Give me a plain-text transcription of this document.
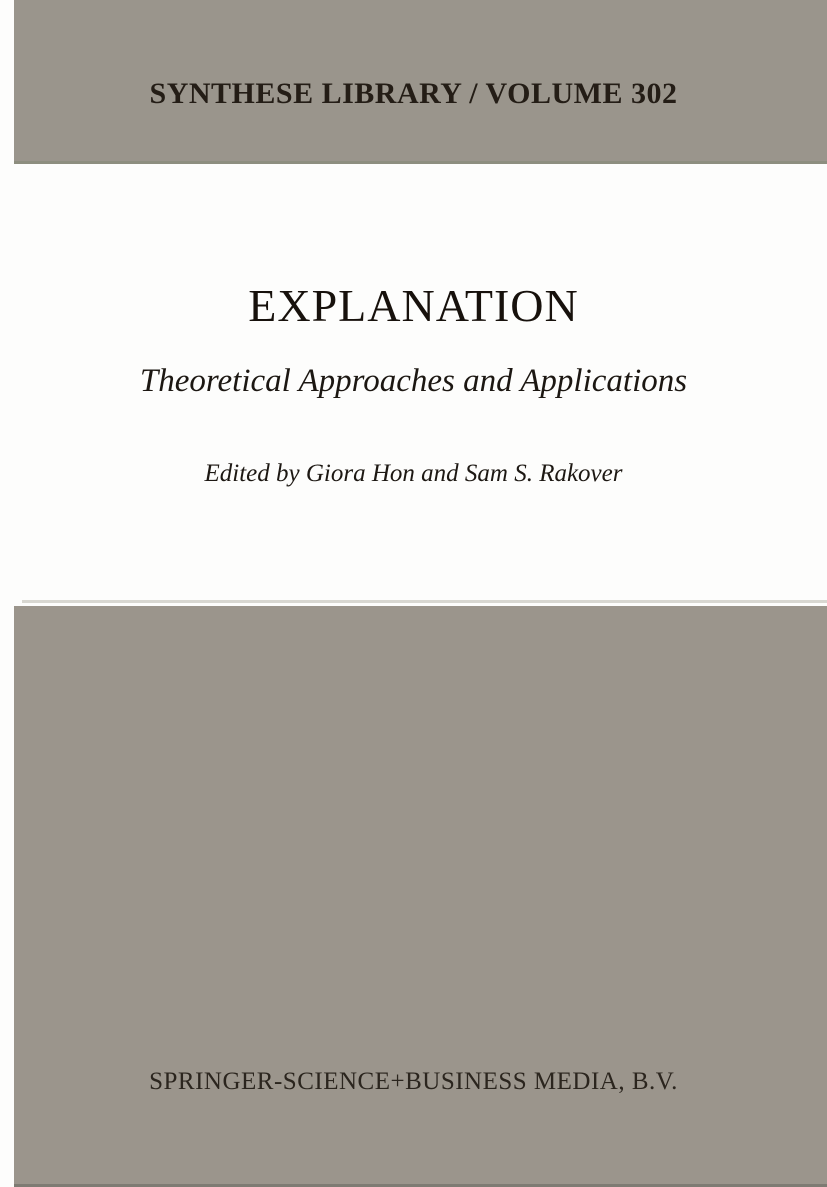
SYNTHESE LIBRARY / VOLUME 302
EXPLANATION
Theoretical Approaches and Applications
Edited by Giora Hon and Sam S. Rakover
SPRINGER-SCIENCE+BUSINESS MEDIA, B.V.
